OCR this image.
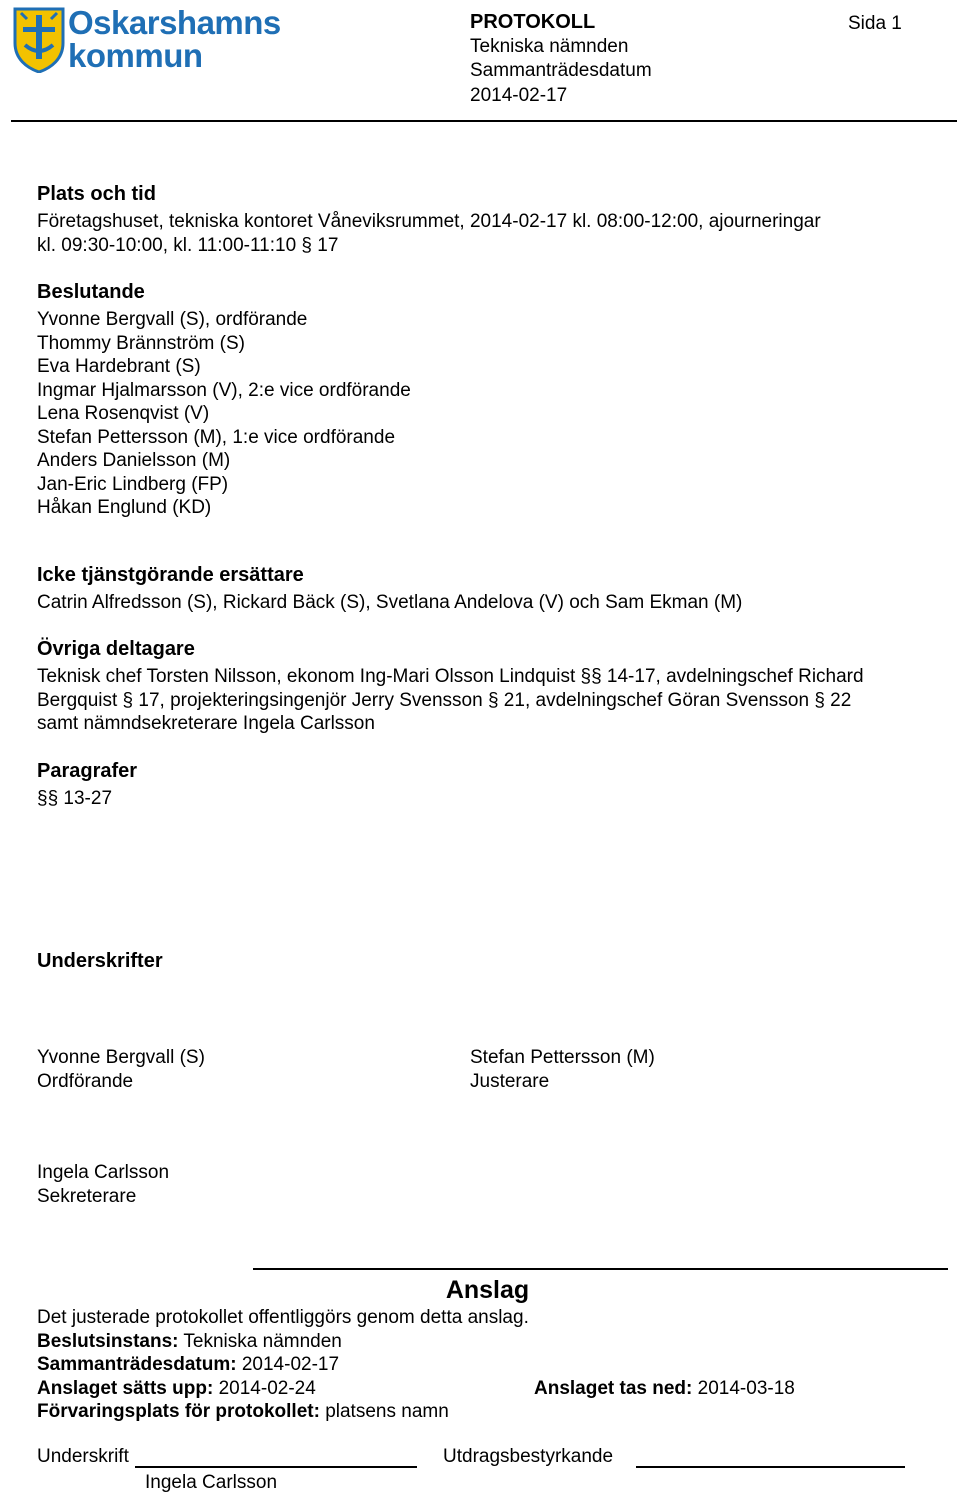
Oskarshamns
kommun
PROTOKOLL
Tekniska nämnden
Sammanträdesdatum
2014-02-17
Sida 1
Plats och tid
Företagshuset, tekniska kontoret Våneviksrummet, 2014-02-17 kl. 08:00-12:00, ajourneringar
kl. 09:30-10:00, kl. 11:00-11:10 § 17
Beslutande
Yvonne Bergvall (S), ordförande
Thommy Brännström (S)
Eva Hardebrant (S)
Ingmar Hjalmarsson (V), 2:e vice ordförande
Lena Rosenqvist (V)
Stefan Pettersson (M), 1:e vice ordförande
Anders Danielsson (M)
Jan-Eric Lindberg (FP)
Håkan Englund (KD)
Icke tjänstgörande ersättare
Catrin Alfredsson (S), Rickard Bäck (S), Svetlana Andelova (V) och Sam Ekman (M)
Övriga deltagare
Teknisk chef Torsten Nilsson, ekonom Ing-Mari Olsson Lindquist §§ 14-17, avdelningschef Richard
Bergquist § 17, projekteringsingenjör Jerry Svensson § 21, avdelningschef Göran Svensson § 22
samt nämndsekreterare Ingela Carlsson
Paragrafer
§§ 13-27
Underskrifter
Yvonne Bergvall (S)
Ordförande
Stefan Pettersson (M)
Justerare
Ingela Carlsson
Sekreterare
Anslag
Det justerade protokollet offentliggörs genom detta anslag.
Beslutsinstans: Tekniska nämnden
Sammanträdesdatum: 2014-02-17
Anslaget sätts upp: 2014-02-24	Anslaget tas ned: 2014-03-18
Förvaringsplats för protokollet: platsens namn
Underskrift
Ingela Carlsson
Utdragsbestyrkande
